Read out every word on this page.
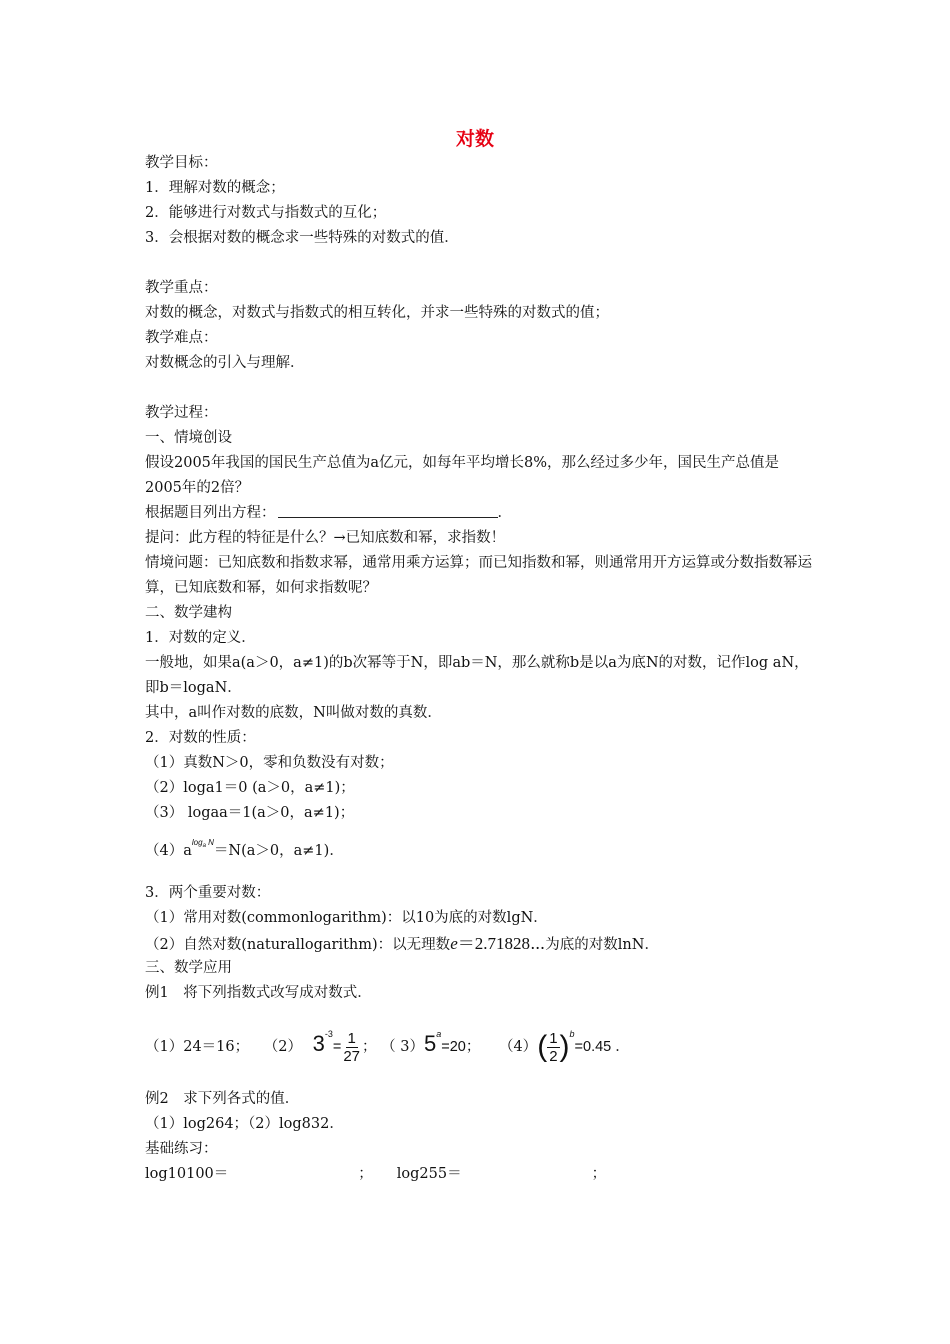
对数
教学目标：
1．理解对数的概念；
2．能够进行对数式与指数式的互化；
3．会根据对数的概念求一些特殊的对数式的值．
教学重点：
对数的概念，对数式与指数式的相互转化，并求一些特殊的对数式的值；
教学难点：
对数概念的引入与理解．
教学过程：
一、情境创设
假设2005年我国的国民生产总值为a亿元，如每年平均增长8%，那么经过多少年，国民生产总值是2005年的2倍？
根据题目列出方程：	．
提问：此方程的特征是什么？→已知底数和幂，求指数！
情境问题：已知底数和指数求幂，通常用乘方运算；而已知指数和幂，则通常用开方运算或分数指数幂运算，已知底数和幂，如何求指数呢？
二、数学建构
1．对数的定义．
一般地，如果a(a＞0，a≠1)的b次幂等于N，即ab＝N，那么就称b是以a为底N的对数，记作log aN，即b＝logaN．
其中，a叫作对数的底数，N叫做对数的真数．
2．对数的性质：
（1）真数N＞0，零和负数没有对数；
（2）loga1＝0 (a＞0，a≠1)；
（3） logaa＝1(a＞0，a≠1)；
$(4)a^{log_a N}=N(a>0$，a≠1)．
3．两个重要对数：
（1）常用对数(commonlogarithm)：以10为底的对数lgN．
（2）自然对数(naturallogarithm)：以无理数e＝2.71828⋯为底的对数lnN．
三、数学应用
例1　将下列指数式改写成对数式．
（1）24＝16； （2） $3^{-3}= \frac{1}{27}$ ； （ $3)5^a=20$； $(4)( \frac{1}{2} )^b=0.45$ ．
例2　求下列各式的值．
（1）log264；（2）log832．
基础练习：
log10100＝	； log255＝	；
